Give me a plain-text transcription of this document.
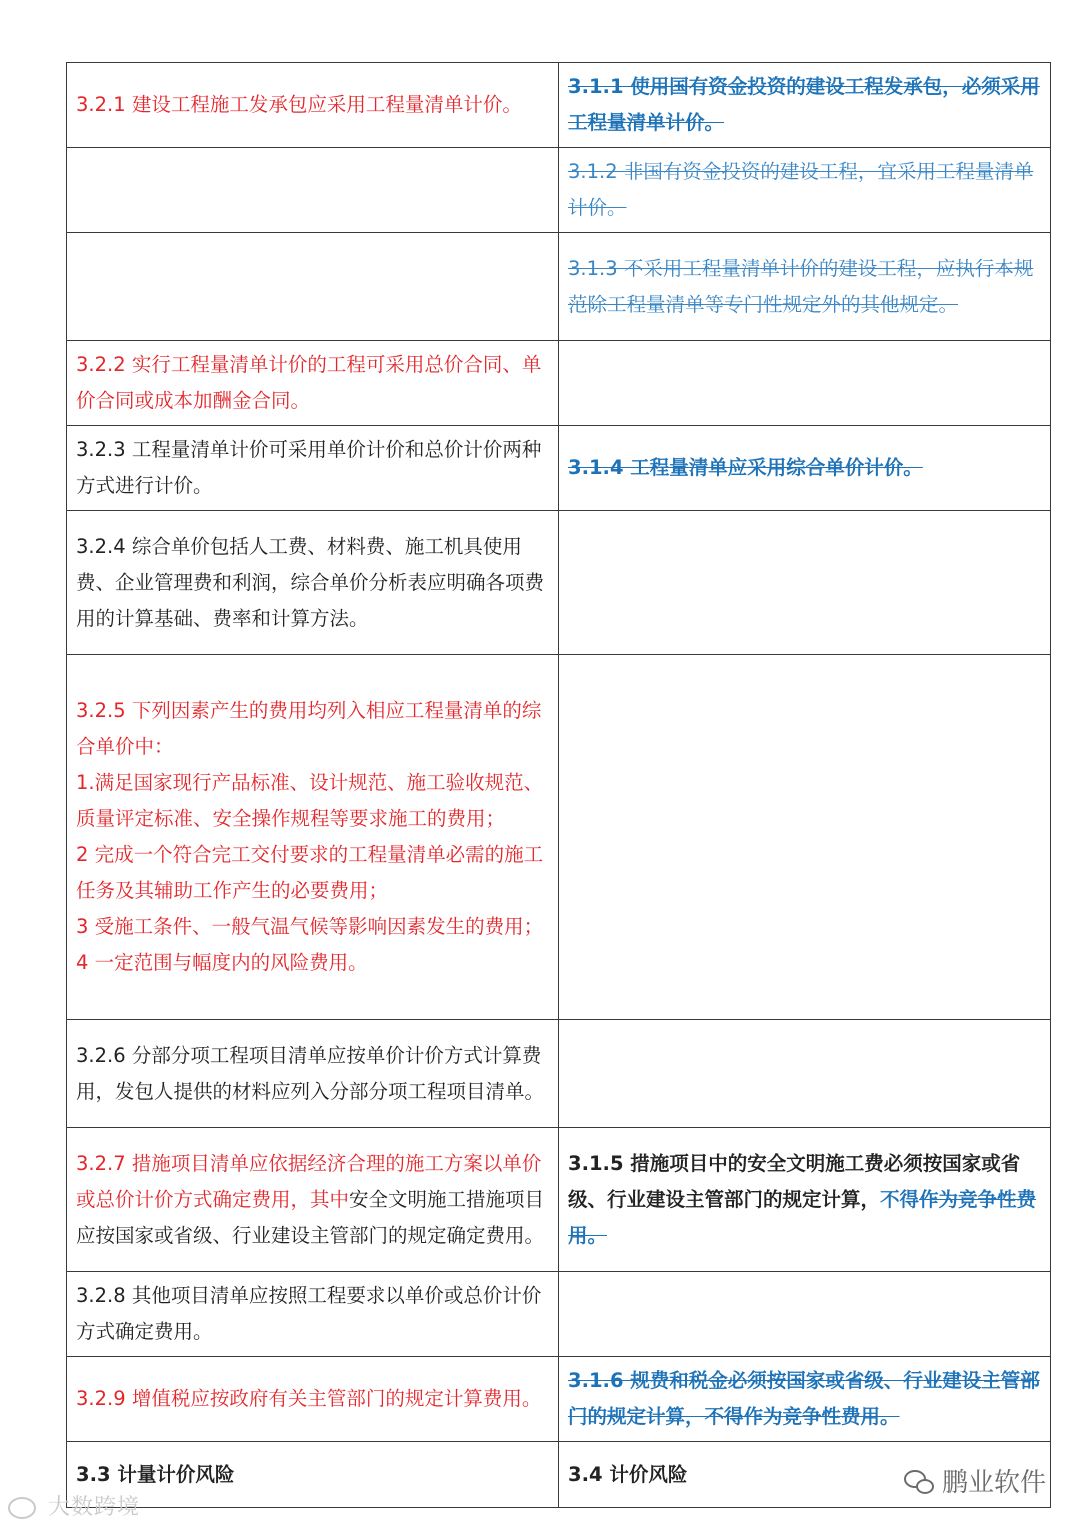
3.2.1 建设工程施工发承包应采用工程量清单计价。	3.1.1 使用国有资金投资的建设工程发承包，必须采用工程量清单计价。
	3.1.2 非国有资金投资的建设工程，宜采用工程量清单计价。
	3.1.3 不采用工程量清单计价的建设工程，应执行本规范除工程量清单等专门性规定外的其他规定。
3.2.2 实行工程量清单计价的工程可采用总价合同、单价合同或成本加酬金合同。	
3.2.3 工程量清单计价可采用单价计价和总价计价两种方式进行计价。	3.1.4 工程量清单应采用综合单价计价。
3.2.4 综合单价包括人工费、材料费、施工机具使用费、企业管理费和利润，综合单价分析表应明确各项费用的计算基础、费率和计算方法。	

3.2.5 下列因素产生的费用均列入相应工程量清单的综合单价中：
1.满足国家现行产品标准、设计规范、施工验收规范、质量评定标准、安全操作规程等要求施工的费用；
2 完成一个符合完工交付要求的工程量清单必需的施工任务及其辅助工作产生的必要费用；
3 受施工条件、一般气温气候等影响因素发生的费用；
4 一定范围与幅度内的风险费用。	

3.2.6 分部分项工程项目清单应按单价计价方式计算费用，发包人提供的材料应列入分部分项工程项目清单。	
3.2.7 措施项目清单应依据经济合理的施工方案以单价或总价计价方式确定费用，其中安全文明施工措施项目应按国家或省级、行业建设主管部门的规定确定费用。	3.1.5 措施项目中的安全文明施工费必须按国家或省级、行业建设主管部门的规定计算，不得作为竞争性费用。
3.2.8 其他项目清单应按照工程要求以单价或总价计价方式确定费用。	
3.2.9 增值税应按政府有关主管部门的规定计算费用。	3.1.6 规费和税金必须按国家或省级、行业建设主管部门的规定计算，不得作为竞争性费用。
3.3 计量计价风险	3.4 计价风险
大数跨境
鹏业软件
